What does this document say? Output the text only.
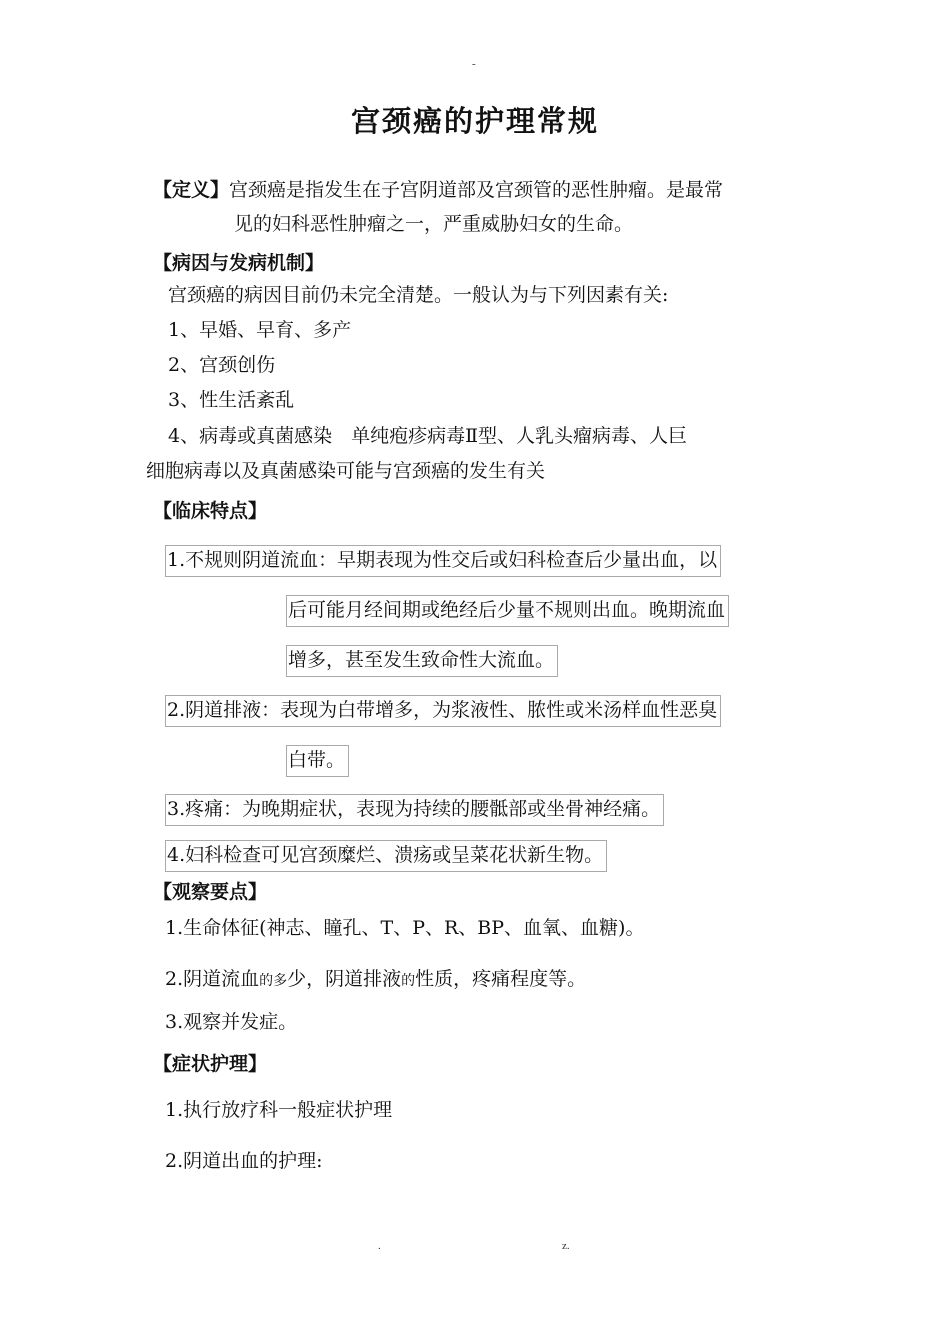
-
宫颈癌的护理常规
【定义】宫颈癌是指发生在子宫阴道部及宫颈管的恶性肿瘤。是最常
见的妇科恶性肿瘤之一，严重威胁妇女的生命。
【病因与发病机制】
宫颈癌的病因目前仍未完全清楚。一般认为与下列因素有关:
1、早婚、早育、多产
2、宫颈创伤
3、性生活紊乱
4、病毒或真菌感染　单纯疱疹病毒Ⅱ型、人乳头瘤病毒、人巨
细胞病毒以及真菌感染可能与宫颈癌的发生有关
【临床特点】
1.不规则阴道流血：早期表现为性交后或妇科检查后少量出血，以
后可能月经间期或绝经后少量不规则出血。晚期流血
增多，甚至发生致命性大流血。
2.阴道排液：表现为白带增多，为浆液性、脓性或米汤样血性恶臭
白带。
3.疼痛：为晚期症状，表现为持续的腰骶部或坐骨神经痛。
4.妇科检查可见宫颈糜烂、溃疡或呈菜花状新生物。
【观察要点】
1.生命体征(神志、瞳孔、T、P、R、BP、血氧、血糖)。
2.阴道流血的多少，阴道排液的性质，疼痛程度等。
3.观察并发症。
【症状护理】
1.执行放疗科一般症状护理
2.阴道出血的护理:
.	z.
